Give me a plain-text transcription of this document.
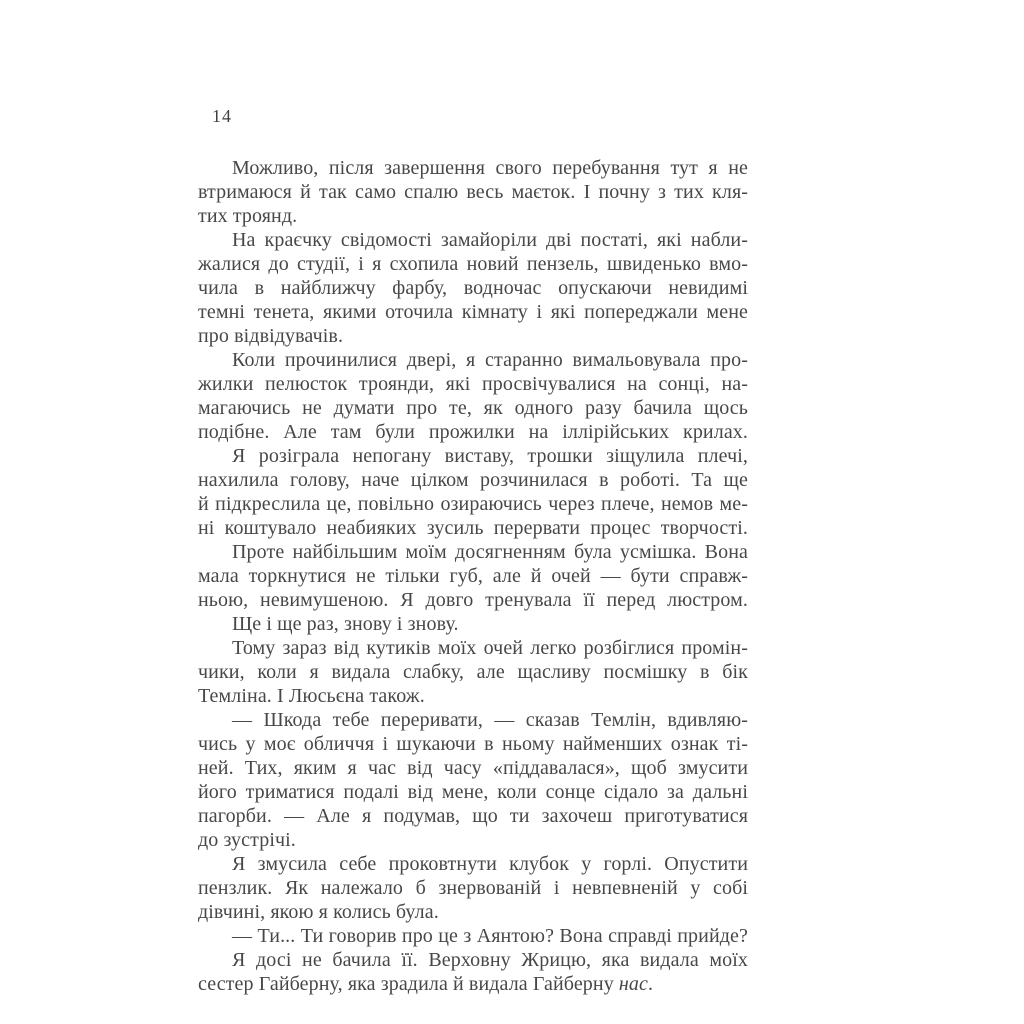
14
Можливо, після завершення свого перебування тут я не
втримаюся й так само спалю весь маєток. І почну з тих кля-
тих троянд.
На краєчку свідомості замайоріли дві постаті, які набли-
жалися до студії, і я схопила новий пензель, швиденько вмо-
чила в найближчу фарбу, водночас опускаючи невидимі
темні тенета, якими оточила кімнату і які попереджали мене
про відвідувачів.
Коли прочинилися двері, я старанно вимальовувала про-
жилки пелюсток троянди, які просвічувалися на сонці, на-
магаючись не думати про те, як одного разу бачила щось
подібне. Але там були прожилки на іллірійських крилах.
Я розіграла непогану виставу, трошки зіщулила плечі,
нахилила голову, наче цілком розчинилася в роботі. Та ще
й підкреслила це, повільно озираючись через плече, немов ме-
ні коштувало неабияких зусиль перервати процес творчості.
Проте найбільшим моїм досягненням була усмішка. Вона
мала торкнутися не тільки губ, але й очей — бути справж-
ньою, невимушеною. Я довго тренувала її перед люстром.
Ще і ще раз, знову і знову.
Тому зараз від кутиків моїх очей легко розбіглися промін-
чики, коли я видала слабку, але щасливу посмішку в бік
Темліна. І Люсьєна також.
— Шкода тебе переривати, — сказав Темлін, вдивляю-
чись у моє обличчя і шукаючи в ньому найменших ознак ті-
ней. Тих, яким я час від часу «піддавалася», щоб змусити
його триматися подалі від мене, коли сонце сідало за дальні
пагорби. — Але я подумав, що ти захочеш приготуватися
до зустрічі.
Я змусила себе проковтнути клубок у горлі. Опустити
пензлик. Як належало б знервованій і невпевненій у собі
дівчині, якою я колись була.
— Ти... Ти говорив про це з Аянтою? Вона справді прийде?
Я досі не бачила її. Верховну Жрицю, яка видала моїх
сестер Гайберну, яка зрадила й видала Гайберну нас.
